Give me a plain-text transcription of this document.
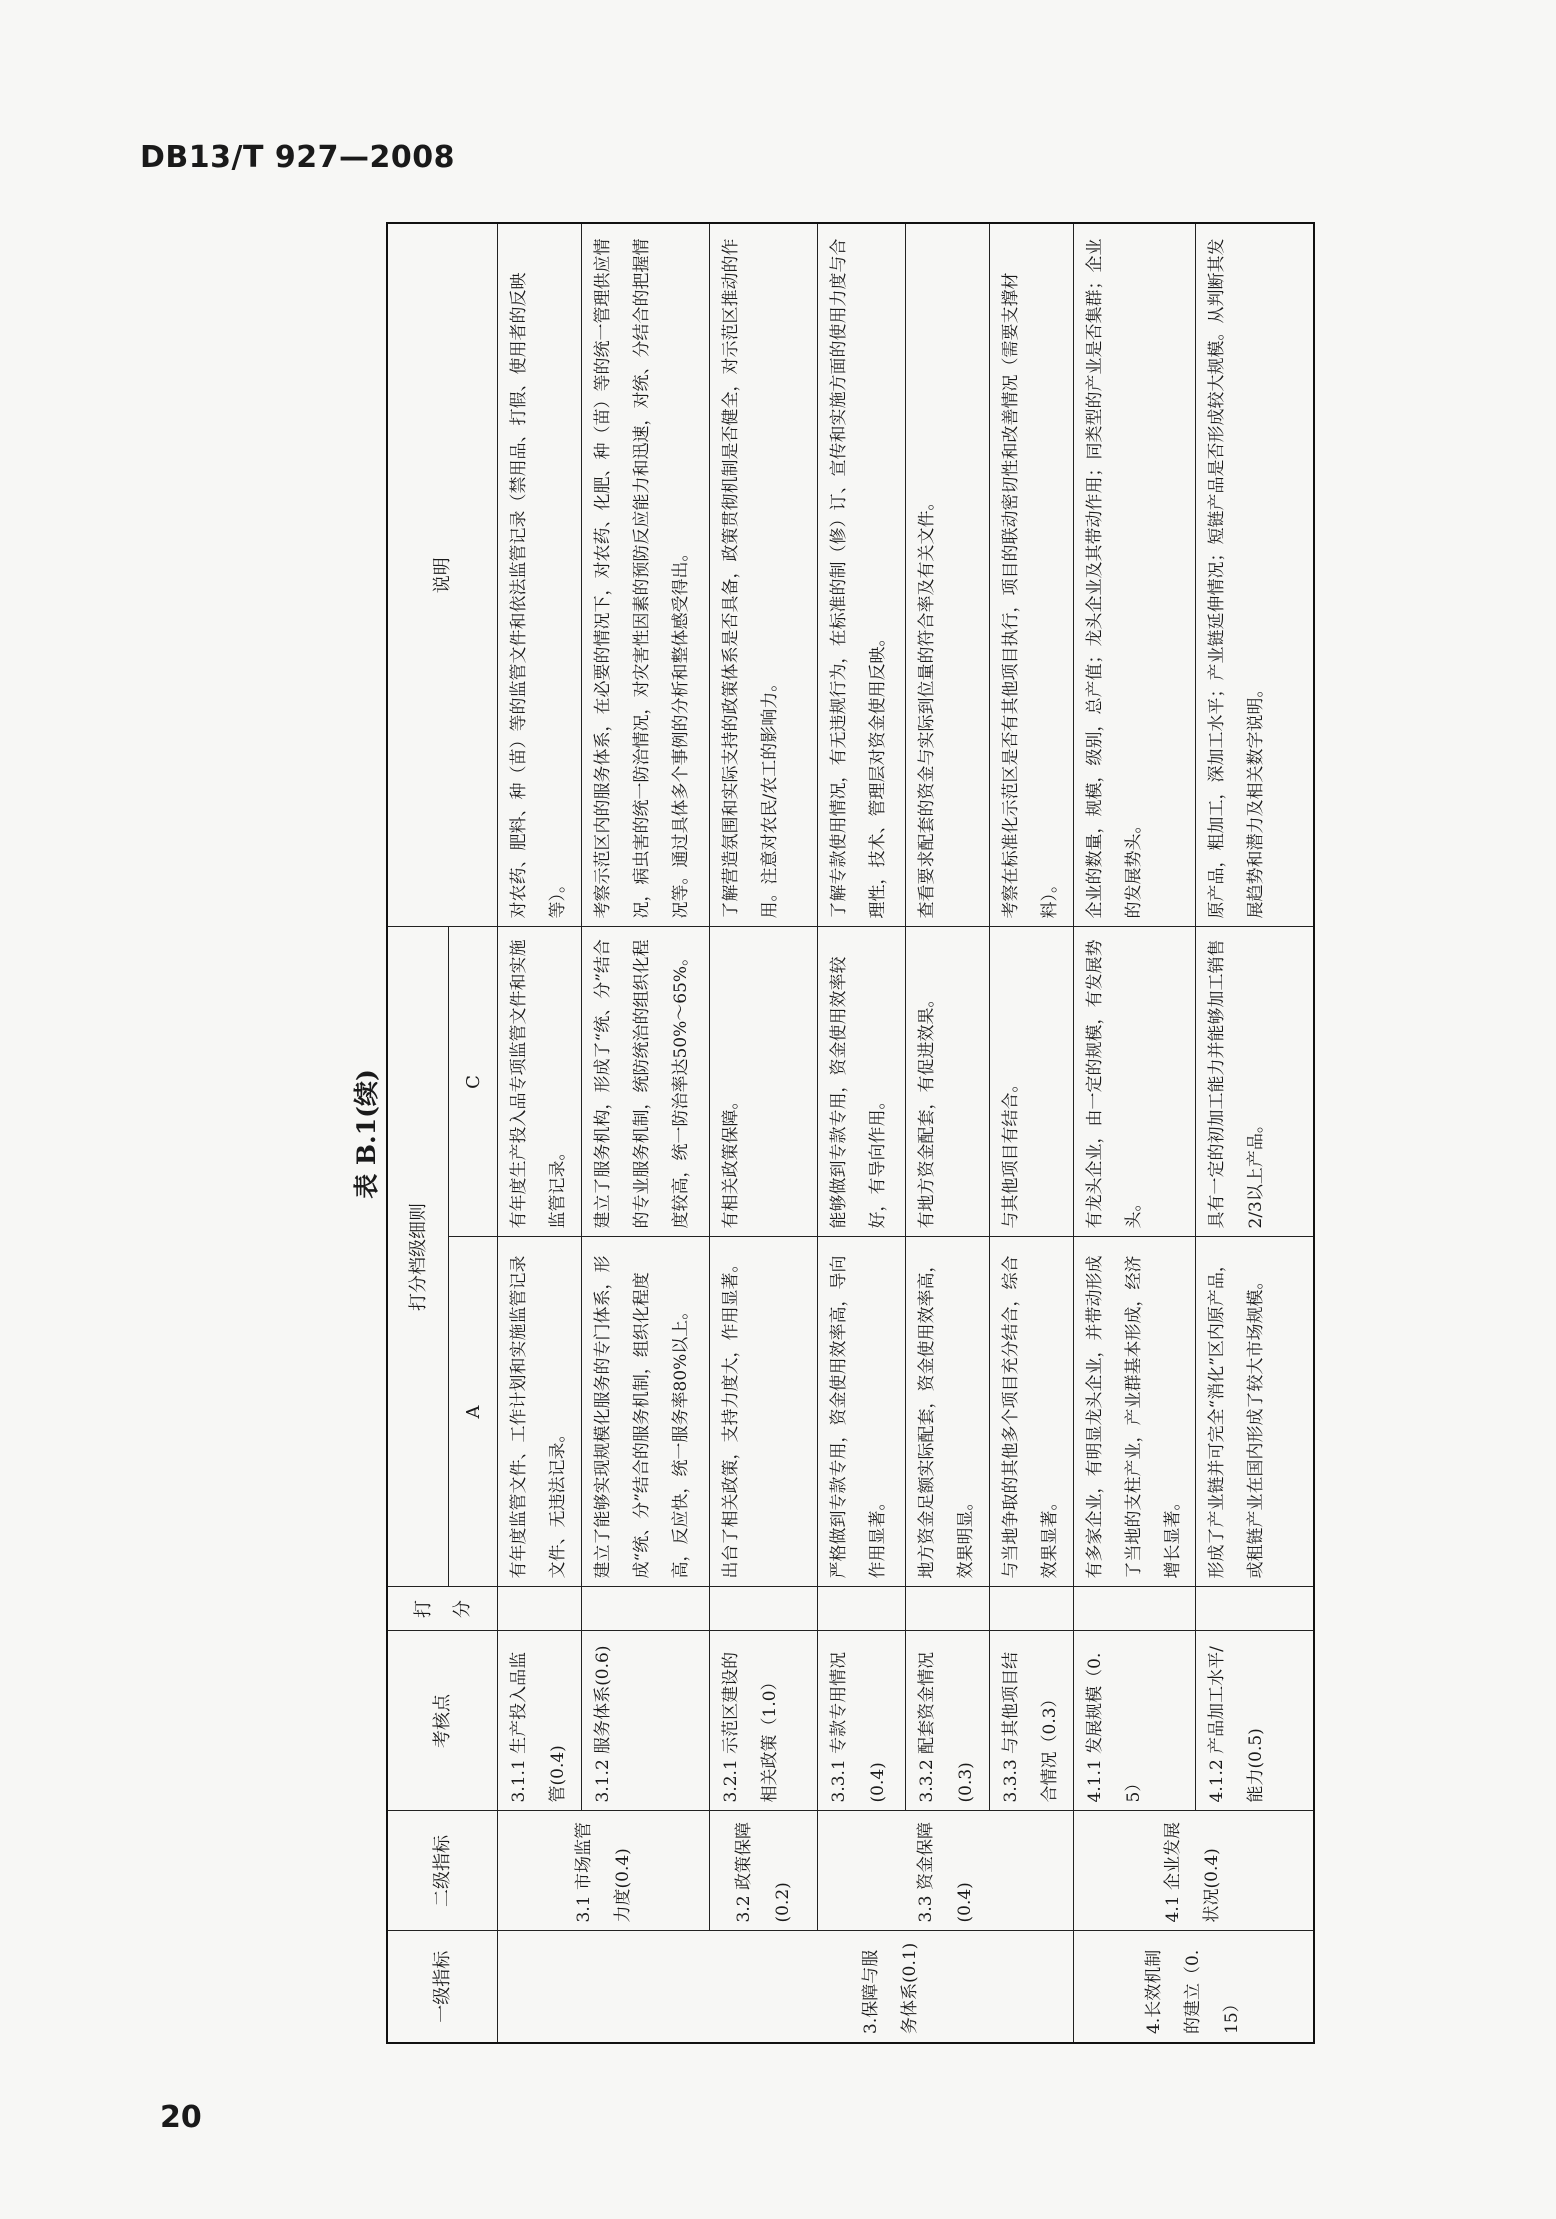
DB13/T 927—2008
表 B.1(续)
一级指标	二级指标	考核点	打分	打分档级细则		说明
				A	C	
	3.1 市场监管力度(0.4)	3.1.1 生产投入品监管(0.4)		有年度监管文件、工作计划和实施监管记录文件、无违法记录。	有年度生产投入品专项监管文件和实施监管记录。	对农药、肥料、种（苗）等的监管文件和依法监管记录（禁用品、打假、使用者的反映等）。
		3.1.2 服务体系(0.6)		建立了能够实现规模化服务的专门体系，形成“统、分”结合的服务机制，组织化程度高，反应快，统一服务率80%以上。	建立了服务机构，形成了“统、分”结合的专业服务机制，统防统治的组织化程度较高，统一防治率达50%～65%。	考察示范区内的服务体系，在必要的情况下，对农药、化肥、种（苗）等的统一管理供应情况，病虫害的统一防治情况，对灾害性因素的预防反应能力和迅速，对统、分结合的把握情况等。通过具体多个事例的分析和整体感受得出。
3.保障与服务体系(0.1)	3.2 政策保障(0.2)	3.2.1 示范区建设的相关政策（1.0）		出台了相关政策，支持力度大，作用显著。	有相关政策保障。	了解营造氛围和实际支持的政策体系是否具备，政策贯彻机制是否健全，对示范区推动的作用。注意对农民/农工的影响力。
	3.3 资金保障(0.4)	3.3.1 专款专用情况(0.4)		严格做到专款专用，资金使用效率高，导向作用显著。	能够做到专款专用，资金使用效率较好，有导向作用。	了解专款使用情况，有无违规行为，在标准的制（修）订、宣传和实施方面的使用力度与合理性，技术、管理层对资金使用反映。
		3.3.2 配套资金情况(0.3)		地方资金足额实际配套，资金使用效率高，效果明显。	有地方资金配套，有促进效果。	查看要求配套的资金与实际到位量的符合率及有关文件。
		3.3.3 与其他项目结合情况（0.3）		与当地争取的其他多个项目充分结合，综合效果显著。	与其他项目有结合。	考察在标准化示范区是否有其他项目执行，项目的联动密切性和改善情况（需要支撑材料）。
4.长效机制的建立（0.15）	4.1 企业发展状况(0.4)	4.1.1 发展规模（0.5）		有多家企业，有明显龙头企业，并带动形成了当地的支柱产业，产业群基本形成，经济增长显著。	有龙头企业，由一定的规模，有发展势头。	企业的数量，规模，级别，总产值；龙头企业及其带动作用；同类型的产业是否集群；企业的发展势头。
		4.1.2 产品加工水平/能力(0.5)		形成了产业链并可完全“消化”区内原产品，或租链产业在国内形成了较大市场规模。	具有一定的初加工能力并能够加工销售2/3以上产品。	原产品，粗加工，深加工水平；产业链延伸情况；短链产品是否形成较大规模。从判断其发展趋势和潜力及相关数字说明。
20
